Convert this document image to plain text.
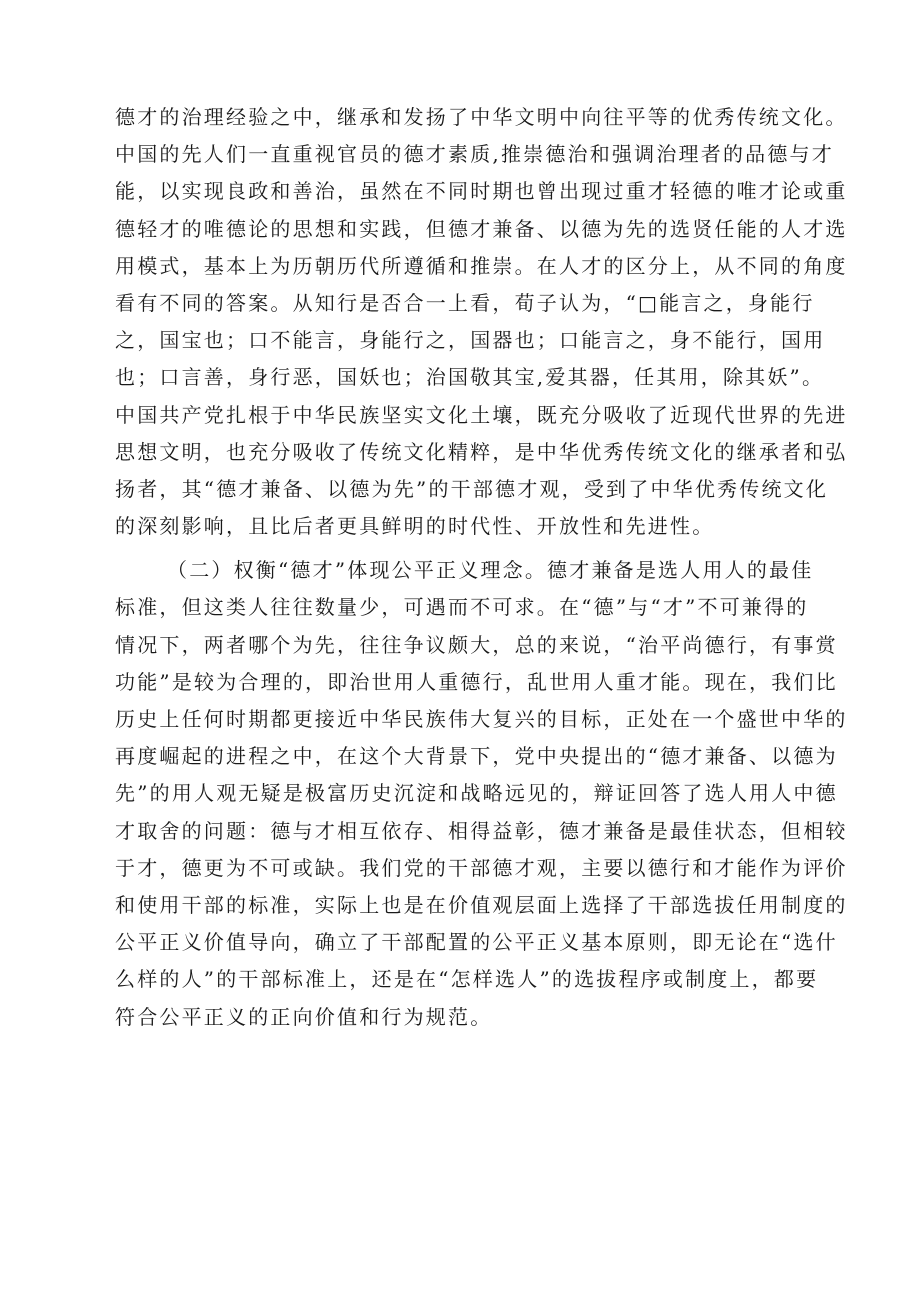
德才的治理经验之中，继承和发扬了中华文明中向往平等的优秀传统文化。
中国的先人们一直重视官员的德才素质,推崇德治和强调治理者的品德与才
能，以实现良政和善治，虽然在不同时期也曾出现过重才轻德的唯才论或重
德轻才的唯德论的思想和实践，但德才兼备、以德为先的选贤任能的人才选
用模式，基本上为历朝历代所遵循和推崇。在人才的区分上，从不同的角度
看有不同的答案。从知行是否合一上看，荀子认为，“□能言之，身能行
之，国宝也；口不能言，身能行之，国器也；口能言之，身不能行，国用
也；口言善，身行恶，国妖也；治国敬其宝,爱其器，任其用，除其妖”。
中国共产党扎根于中华民族坚实文化土壤，既充分吸收了近现代世界的先进
思想文明，也充分吸收了传统文化精粹，是中华优秀传统文化的继承者和弘
扬者，其“德才兼备、以德为先”的干部德才观，受到了中华优秀传统文化
的深刻影响，且比后者更具鲜明的时代性、开放性和先进性。
（二）权衡“德才”体现公平正义理念。德才兼备是选人用人的最佳
标准，但这类人往往数量少，可遇而不可求。在“德”与“才”不可兼得的
情况下，两者哪个为先，往往争议颇大，总的来说，“治平尚德行，有事赏
功能”是较为合理的，即治世用人重德行，乱世用人重才能。现在，我们比
历史上任何时期都更接近中华民族伟大复兴的目标，正处在一个盛世中华的
再度崛起的进程之中，在这个大背景下，党中央提出的“德才兼备、以德为
先”的用人观无疑是极富历史沉淀和战略远见的，辩证回答了选人用人中德
才取舍的问题：德与才相互依存、相得益彰，德才兼备是最佳状态，但相较
于才，德更为不可或缺。我们党的干部德才观，主要以德行和才能作为评价
和使用干部的标准，实际上也是在价值观层面上选择了干部选拔任用制度的
公平正义价值导向，确立了干部配置的公平正义基本原则，即无论在“选什
么样的人”的干部标准上，还是在“怎样选人”的选拔程序或制度上，都要
符合公平正义的正向价值和行为规范。
